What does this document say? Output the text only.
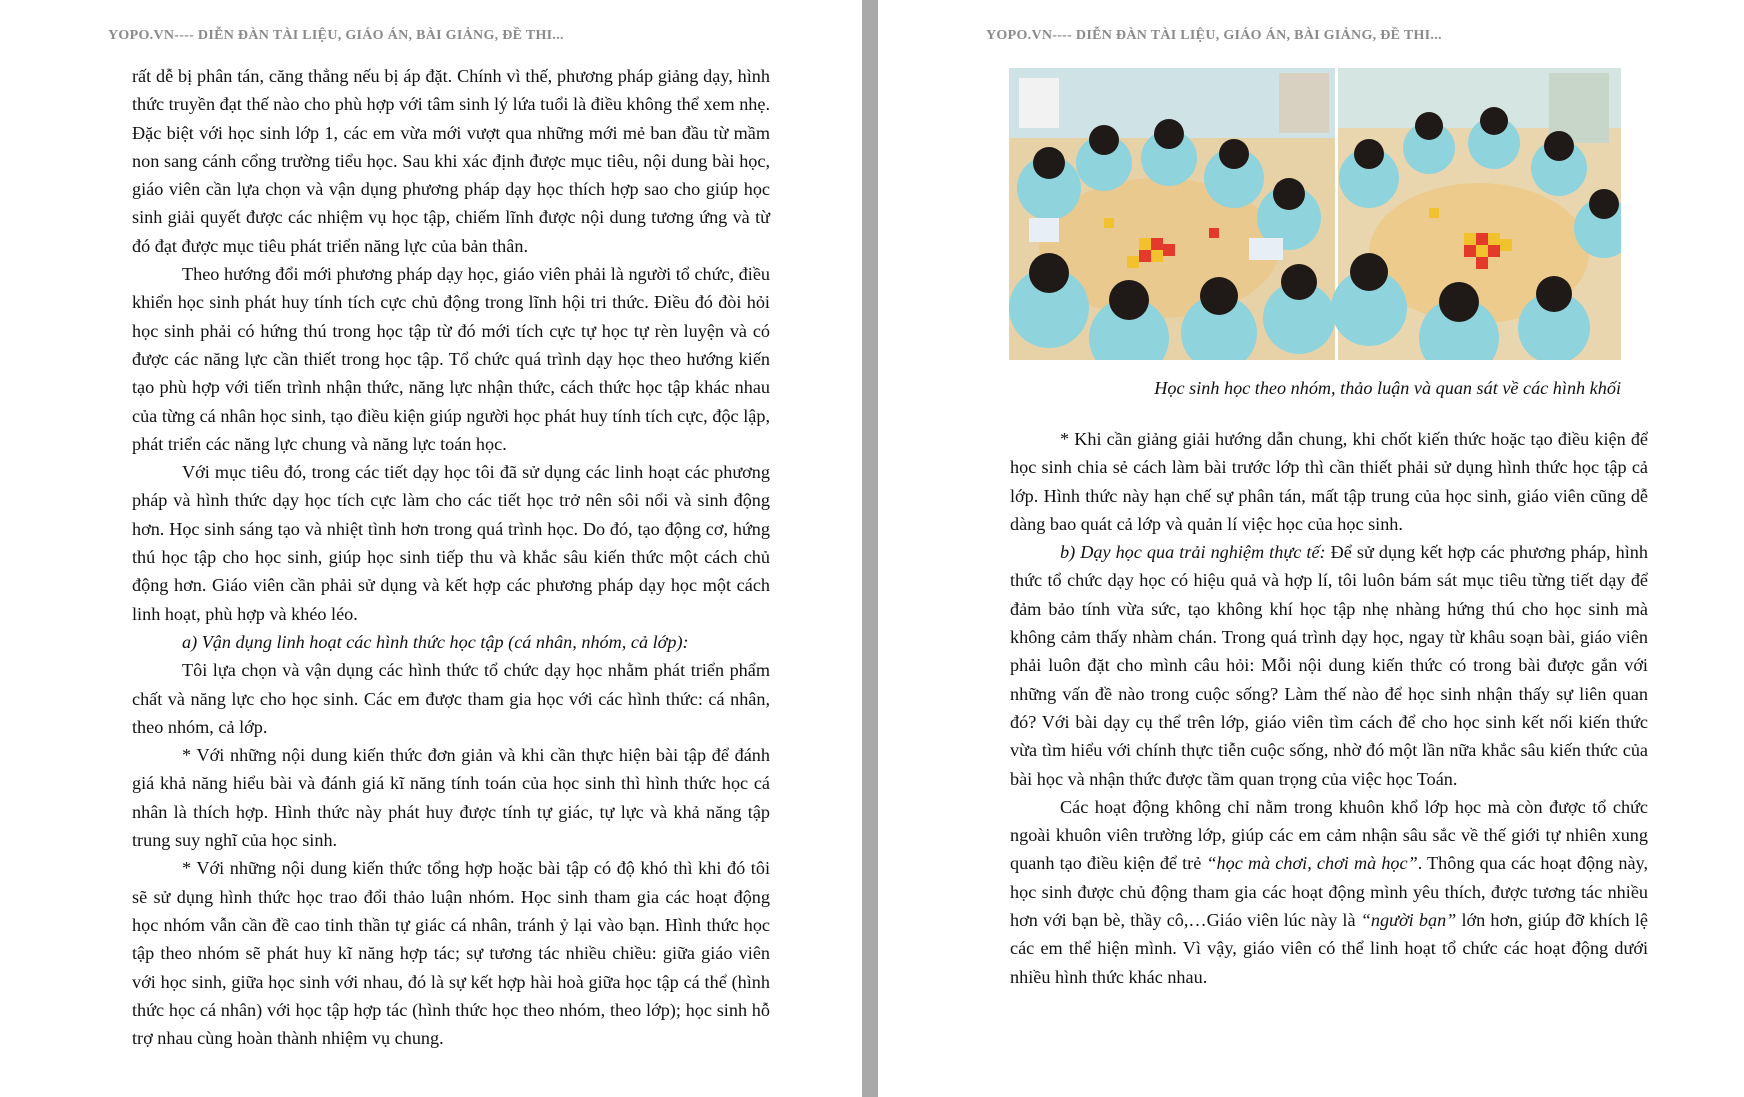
YOPO.VN---- DIỄN ĐÀN TÀI LIỆU, GIÁO ÁN, BÀI GIẢNG, ĐỀ THI...

rất dễ bị phân tán, căng thẳng nếu bị áp đặt. Chính vì thế, phương pháp giảng dạy, hình thức truyền đạt thế nào cho phù hợp với tâm sinh lý lứa tuổi là điều không thể xem nhẹ. Đặc biệt với học sinh lớp 1, các em vừa mới vượt qua những mới mẻ ban đầu từ mầm non sang cánh cổng trường tiểu học. Sau khi xác định được mục tiêu, nội dung bài học, giáo viên cần lựa chọn và vận dụng phương pháp dạy học thích hợp sao cho giúp học sinh giải quyết được các nhiệm vụ học tập, chiếm lĩnh được nội dung tương ứng và từ đó đạt được mục tiêu phát triển năng lực của bản thân.

Theo hướng đổi mới phương pháp dạy học, giáo viên phải là người tổ chức, điều khiển học sinh phát huy tính tích cực chủ động trong lĩnh hội tri thức. Điều đó đòi hỏi học sinh phải có hứng thú trong học tập từ đó mới tích cực tự học tự rèn luyện và có được các năng lực cần thiết trong học tập. Tổ chức quá trình dạy học theo hướng kiến tạo phù hợp với tiến trình nhận thức, năng lực nhận thức, cách thức học tập khác nhau của từng cá nhân học sinh, tạo điều kiện giúp người học phát huy tính tích cực, độc lập, phát triển các năng lực chung và năng lực toán học.

Với mục tiêu đó, trong các tiết dạy học tôi đã sử dụng các linh hoạt các phương pháp và hình thức dạy học tích cực làm cho các tiết học trở nên sôi nổi và sinh động hơn. Học sinh sáng tạo và nhiệt tình hơn trong quá trình học. Do đó, tạo động cơ, hứng thú học tập cho học sinh, giúp học sinh tiếp thu và khắc sâu kiến thức một cách chủ động hơn. Giáo viên cần phải sử dụng và kết hợp các phương pháp dạy học một cách linh hoạt, phù hợp và khéo léo.

a) Vận dụng linh hoạt các hình thức học tập (cá nhân, nhóm, cả lớp):

Tôi lựa chọn và vận dụng các hình thức tổ chức dạy học nhằm phát triển phẩm chất và năng lực cho học sinh. Các em được tham gia học với các hình thức: cá nhân, theo nhóm, cả lớp.

* Với những nội dung kiến thức đơn giản và khi cần thực hiện bài tập để đánh giá khả năng hiểu bài và đánh giá kĩ năng tính toán của học sinh thì hình thức học cá nhân là thích hợp. Hình thức này phát huy được tính tự giác, tự lực và khả năng tập trung suy nghĩ của học sinh.

* Với những nội dung kiến thức tổng hợp hoặc bài tập có độ khó thì khi đó tôi sẽ sử dụng hình thức học trao đổi thảo luận nhóm. Học sinh tham gia các hoạt động học nhóm vẫn cần đề cao tinh thần tự giác cá nhân, tránh ỷ lại vào bạn. Hình thức học tập theo nhóm sẽ phát huy kĩ năng hợp tác; sự tương tác nhiều chiều: giữa giáo viên với học sinh, giữa học sinh với nhau, đó là sự kết hợp hài hoà giữa học tập cá thể (hình thức học cá nhân) với học tập hợp tác (hình thức học theo nhóm, theo lớp); học sinh hỗ trợ nhau cùng hoàn thành nhiệm vụ chung.

YOPO.VN---- DIỄN ĐÀN TÀI LIỆU, GIÁO ÁN, BÀI GIẢNG, ĐỀ THI...
Học sinh học theo nhóm, thảo luận và quan sát về các hình khối

* Khi cần giảng giải hướng dẫn chung, khi chốt kiến thức hoặc tạo điều kiện để học sinh chia sẻ cách làm bài trước lớp thì cần thiết phải sử dụng hình thức học tập cả lớp. Hình thức này hạn chế sự phân tán, mất tập trung của học sinh, giáo viên cũng dễ dàng bao quát cả lớp và quản lí việc học của học sinh.

b) Dạy học qua trải nghiệm thực tế: Để sử dụng kết hợp các phương pháp, hình thức tổ chức dạy học có hiệu quả và hợp lí, tôi luôn bám sát mục tiêu từng tiết dạy để đảm bảo tính vừa sức, tạo không khí học tập nhẹ nhàng hứng thú cho học sinh mà không cảm thấy nhàm chán. Trong quá trình dạy học, ngay từ khâu soạn bài, giáo viên phải luôn đặt cho mình câu hỏi: Mỗi nội dung kiến thức có trong bài được gắn với những vấn đề nào trong cuộc sống? Làm thế nào để học sinh nhận thấy sự liên quan đó? Với bài dạy cụ thể trên lớp, giáo viên tìm cách để cho học sinh kết nối kiến thức vừa tìm hiểu với chính thực tiễn cuộc sống, nhờ đó một lần nữa khắc sâu kiến thức của bài học và nhận thức được tầm quan trọng của việc học Toán.

Các hoạt động không chỉ nằm trong khuôn khổ lớp học mà còn được tổ chức ngoài khuôn viên trường lớp, giúp các em cảm nhận sâu sắc về thế giới tự nhiên xung quanh tạo điều kiện để trẻ “học mà chơi, chơi mà học”. Thông qua các hoạt động này, học sinh được chủ động tham gia các hoạt động mình yêu thích, được tương tác nhiều hơn với bạn bè, thầy cô,…Giáo viên lúc này là “người bạn” lớn hơn, giúp đỡ khích lệ các em thể hiện mình. Vì vậy, giáo viên có thể linh hoạt tổ chức các hoạt động dưới nhiều hình thức khác nhau.
